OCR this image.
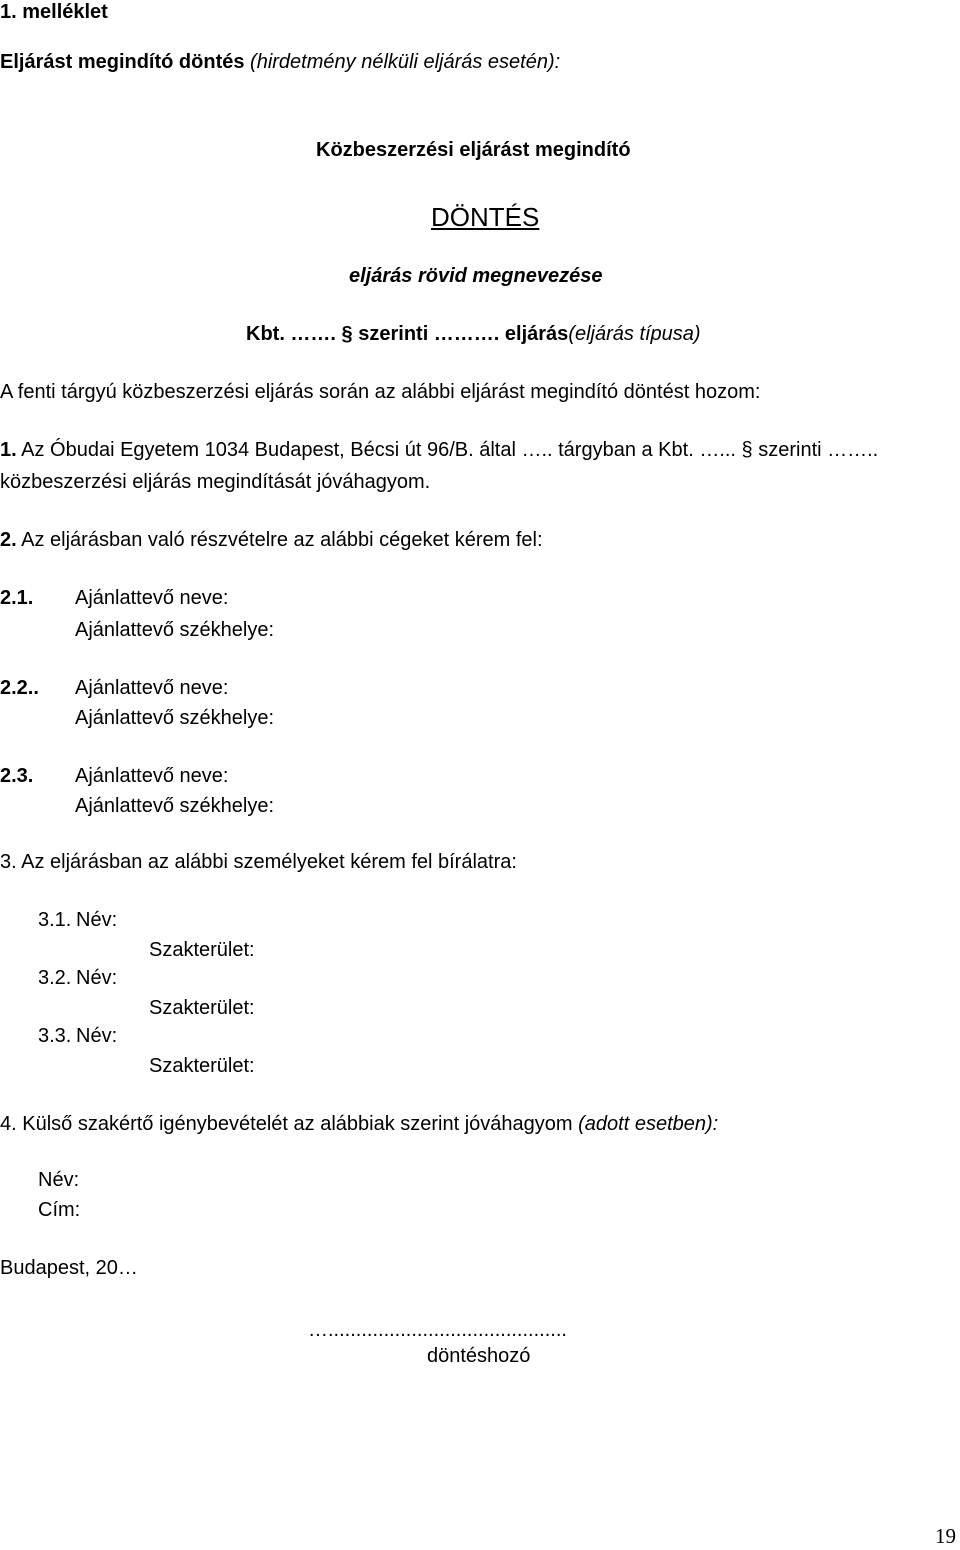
1. melléklet
Eljárást megindító döntés (hirdetmény nélküli eljárás esetén):
Közbeszerzési eljárást megindító
DÖNTÉS
eljárás rövid megnevezése
Kbt. ……. § szerinti ………. eljárás(eljárás típusa)
A fenti tárgyú közbeszerzési eljárás során az alábbi eljárást megindító döntést hozom:
1. Az Óbudai Egyetem 1034 Budapest, Bécsi út 96/B. által ….. tárgyban a Kbt. …... § szerinti ……..
közbeszerzési eljárás megindítását jóváhagyom.
2. Az eljárásban való részvételre az alábbi cégeket kérem fel:
2.1. Ajánlattevő neve:
Ajánlattevő székhelye:
2.2.. Ajánlattevő neve:
Ajánlattevő székhelye:
2.3. Ajánlattevő neve:
Ajánlattevő székhelye:
3. Az eljárásban az alábbi személyeket kérem fel bírálatra:
3.1. Név:
Szakterület:
3.2. Név:
Szakterület:
3.3. Név:
Szakterület:
4. Külső szakértő igénybevételét az alábbiak szerint jóváhagyom (adott esetben):
Név:
Cím:
Budapest, 20…
…...........................................
döntéshozó
19
